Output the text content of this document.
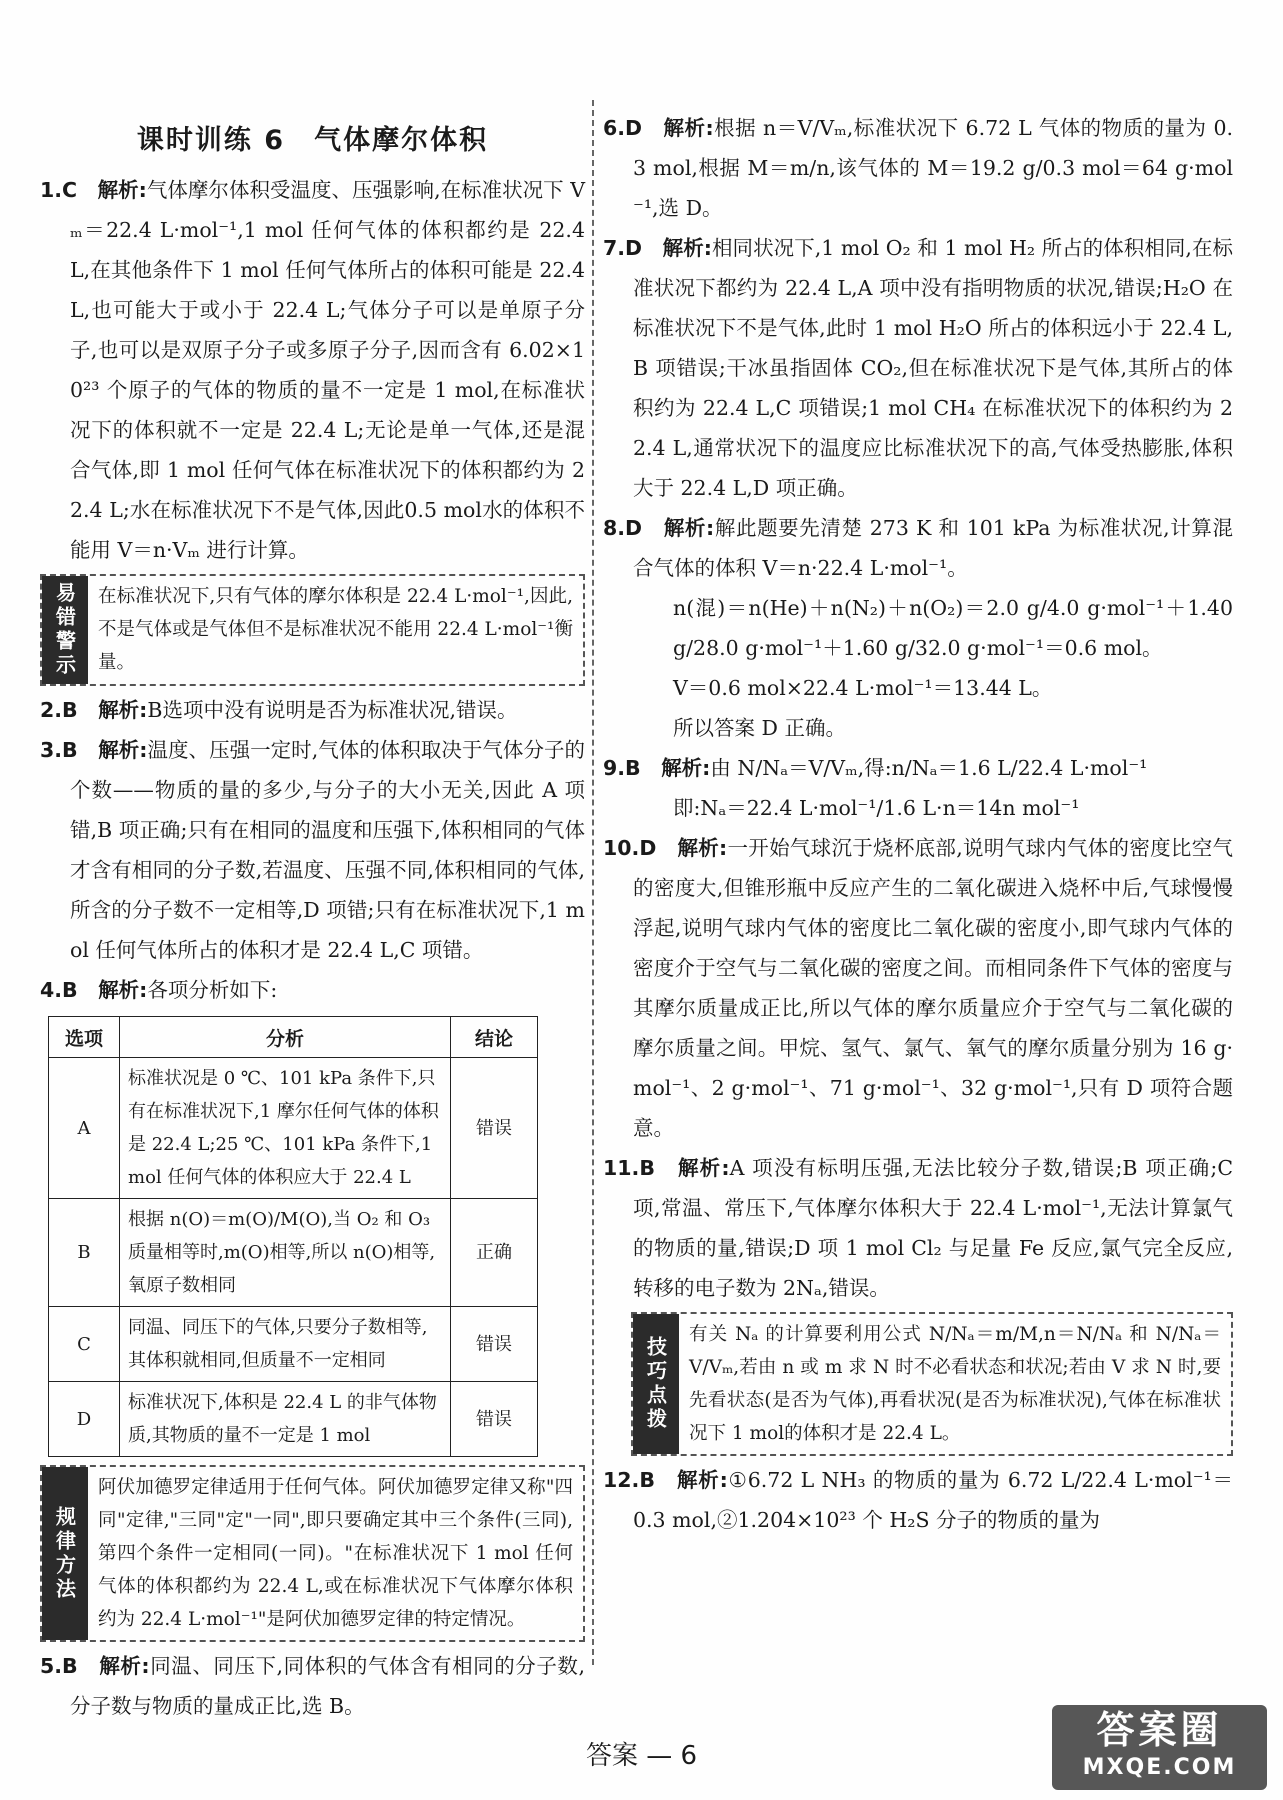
课时训练 6　气体摩尔体积

1.C　 解析:气体摩尔体积受温度、压强影响,在标准状况下 Vₘ＝22.4 L·mol⁻¹,1 mol 任何气体的体积都约是 22.4 L,在其他条件下 1 mol 任何气体所占的体积可能是 22.4 L,也可能大于或小于 22.4 L;气体分子可以是单原子分子,也可以是双原子分子或多原子分子,因而含有 6.02×10²³ 个原子的气体的物质的量不一定是 1 mol,在标准状况下的体积就不一定是 22.4 L;无论是单一气体,还是混合气体,即 1 mol 任何气体在标准状况下的体积都约为 22.4 L;水在标准状况下不是气体,因此0.5 mol水的体积不能用 V＝n·Vₘ 进行计算。

易错警示	在标准状况下,只有气体的摩尔体积是 22.4 L·mol⁻¹,因此,不是气体或是气体但不是标准状况不能用 22.4 L·mol⁻¹衡量。

2.B　 解析:B选项中没有说明是否为标准状况,错误。

3.B　 解析:温度、压强一定时,气体的体积取决于气体分子的个数——物质的量的多少,与分子的大小无关,因此 A 项错,B 项正确;只有在相同的温度和压强下,体积相同的气体才含有相同的分子数,若温度、压强不同,体积相同的气体,所含的分子数不一定相等,D 项错;只有在标准状况下,1 mol 任何气体所占的体积才是 22.4 L,C 项错。

4.B　 解析:各项分析如下:

选项	分析	结论
A	标准状况是 0 ℃、101 kPa 条件下,只有在标准状况下,1 摩尔任何气体的体积是 22.4 L;25 ℃、101 kPa 条件下,1 mol 任何气体的体积应大于 22.4 L	错误
B	根据 n(O)＝m(O)/M(O),当 O₂ 和 O₃ 质量相等时,m(O)相等,所以 n(O)相等,氧原子数相同	正确
C	同温、同压下的气体,只要分子数相等,其体积就相同,但质量不一定相同	错误
D	标准状况下,体积是 22.4 L 的非气体物质,其物质的量不一定是 1 mol	错误
规律方法
阿伏加德罗定律适用于任何气体。阿伏加德罗定律又称"四同"定律,"三同"定"一同",即只要确定其中三个条件(三同),第四个条件一定相同(一同)。"在标准状况下 1 mol 任何气体的体积都约为 22.4 L,或在标准状况下气体摩尔体积约为 22.4 L·mol⁻¹"是阿伏加德罗定律的特定情况。

5.B　 解析:同温、同压下,同体积的气体含有相同的分子数,分子数与物质的量成正比,选 B。

6.D　 解析:根据 n＝V/Vₘ,标准状况下 6.72 L 气体的物质的量为 0.3 mol,根据 M＝m/n,该气体的 M＝19.2 g/0.3 mol＝64 g·mol⁻¹,选 D。

7.D　 解析:相同状况下,1 mol O₂ 和 1 mol H₂ 所占的体积相同,在标准状况下都约为 22.4 L,A 项中没有指明物质的状况,错误;H₂O 在标准状况下不是气体,此时 1 mol H₂O 所占的体积远小于 22.4 L,B 项错误;干冰虽指固体 CO₂,但在标准状况下是气体,其所占的体积约为 22.4 L,C 项错误;1 mol CH₄ 在标准状况下的体积约为 22.4 L,通常状况下的温度应比标准状况下的高,气体受热膨胀,体积大于 22.4 L,D 项正确。

8.D　 解析:解此题要先清楚 273 K 和 101 kPa 为标准状况,计算混合气体的体积 V＝n·22.4 L·mol⁻¹。

n(混)＝n(He)＋n(N₂)＋n(O₂)＝2.0 g/4.0 g·mol⁻¹＋1.40 g/28.0 g·mol⁻¹＋1.60 g/32.0 g·mol⁻¹＝0.6 mol。

V＝0.6 mol×22.4 L·mol⁻¹＝13.44 L。

所以答案 D 正确。

9.B　 解析:由 N/Nₐ＝V/Vₘ,得:n/Nₐ＝1.6 L/22.4 L·mol⁻¹

即:Nₐ＝22.4 L·mol⁻¹/1.6 L·n＝14n mol⁻¹

10.D　 解析:一开始气球沉于烧杯底部,说明气球内气体的密度比空气的密度大,但锥形瓶中反应产生的二氧化碳进入烧杯中后,气球慢慢浮起,说明气球内气体的密度比二氧化碳的密度小,即气球内气体的密度介于空气与二氧化碳的密度之间。而相同条件下气体的密度与其摩尔质量成正比,所以气体的摩尔质量应介于空气与二氧化碳的摩尔质量之间。甲烷、氢气、氯气、氧气的摩尔质量分别为 16 g·mol⁻¹、2 g·mol⁻¹、71 g·mol⁻¹、32 g·mol⁻¹,只有 D 项符合题意。

11.B　 解析:A 项没有标明压强,无法比较分子数,错误;B 项正确;C 项,常温、常压下,气体摩尔体积大于 22.4 L·mol⁻¹,无法计算氯气的物质的量,错误;D 项 1 mol Cl₂ 与足量 Fe 反应,氯气完全反应,转移的电子数为 2Nₐ,错误。

技巧点拨
有关 Nₐ 的计算要利用公式 N/Nₐ＝m/M,n＝N/Nₐ 和 N/Nₐ＝V/Vₘ,若由 n 或 m 求 N 时不必看状态和状况;若由 V 求 N 时,要先看状态(是否为气体),再看状况(是否为标准状况),气体在标准状况下 1 mol的体积才是 22.4 L。

12.B　 解析:①6.72 L NH₃ 的物质的量为 6.72 L/22.4 L·mol⁻¹＝0.3 mol,②1.204×10²³ 个 H₂S 分子的物质的量为

答案 — 6
答案圈
MXQE.COM
